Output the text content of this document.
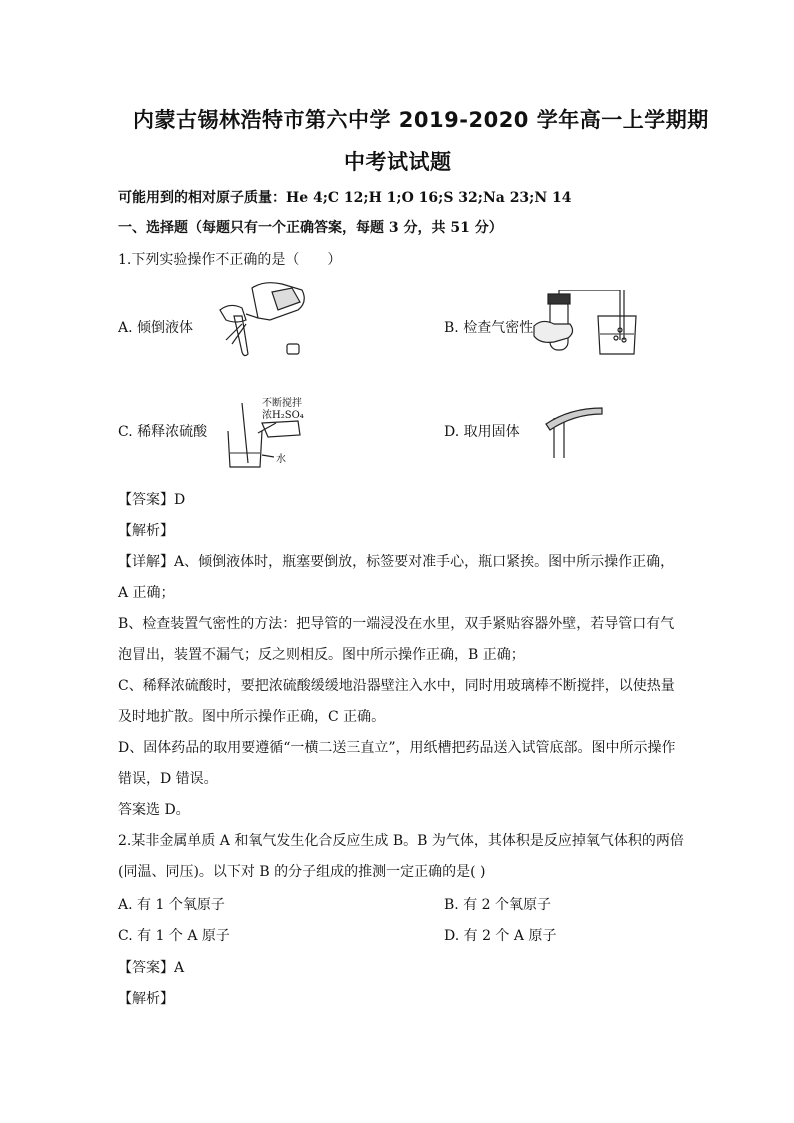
内蒙古锡林浩特市第六中学 2019-2020 学年高一上学期期
中考试试题
可能用到的相对原子质量：He 4;C 12;H 1;O 16;S 32;Na 23;N 14
一、选择题（每题只有一个正确答案，每题 3 分，共 51 分）
1.下列实验操作不正确的是（　　）
A. 倾倒液体	B. 检查气密性
C. 稀释浓硫酸	D. 取用固体
不断搅拌
浓H₂SO₄
水
【答案】D
【解析】
【详解】A、倾倒液体时，瓶塞要倒放，标签要对准手心，瓶口紧挨。图中所示操作正确，
A 正确；
B、检查装置气密性的方法：把导管的一端浸没在水里，双手紧贴容器外壁，若导管口有气
泡冒出，装置不漏气；反之则相反。图中所示操作正确，B 正确；
C、稀释浓硫酸时，要把浓硫酸缓缓地沿器壁注入水中，同时用玻璃棒不断搅拌，以使热量
及时地扩散。图中所示操作正确，C 正确。
D、固体药品的取用要遵循“一横二送三直立”，用纸槽把药品送入试管底部。图中所示操作
错误，D 错误。
答案选 D。
2.某非金属单质 A 和氧气发生化合反应生成 B。B 为气体，其体积是反应掉氧气体积的两倍
(同温、同压)。以下对 B 的分子组成的推测一定正确的是( )
A. 有 1 个氧原子	B. 有 2 个氧原子
C. 有 1 个 A 原子	D. 有 2 个 A 原子
【答案】A
【解析】
